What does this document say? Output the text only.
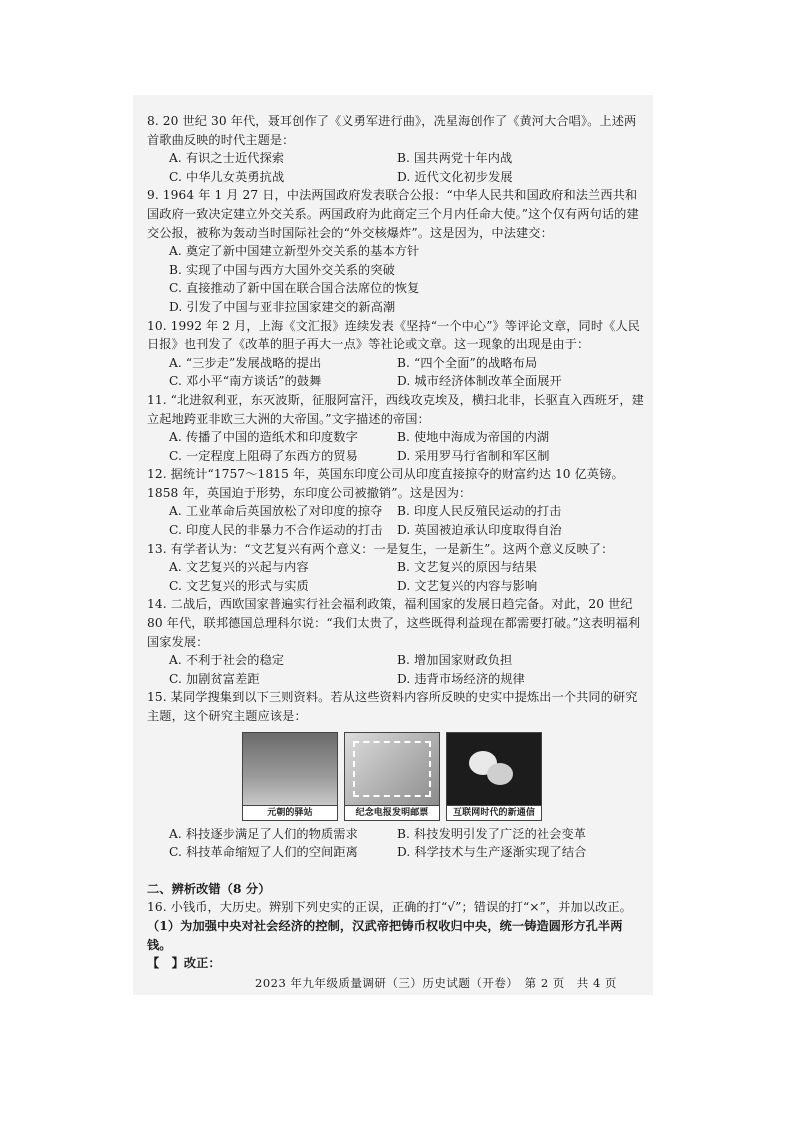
8. 20 世纪 30 年代，聂耳创作了《义勇军进行曲》，冼星海创作了《黄河大合唱》。上述两首歌曲反映的时代主题是：

A. 有识之士近代探索	B. 国共两党十年内战
C. 中华儿女英勇抗战	D. 近代文化初步发展

9. 1964 年 1 月 27 日，中法两国政府发表联合公报：“中华人民共和国政府和法兰西共和国政府一致决定建立外交关系。两国政府为此商定三个月内任命大使。”这个仅有两句话的建交公报，被称为轰动当时国际社会的“外交核爆炸”。这是因为，中法建交：

A. 奠定了新中国建立新型外交关系的基本方针
B. 实现了中国与西方大国外交关系的突破
C. 直接推动了新中国在联合国合法席位的恢复
D. 引发了中国与亚非拉国家建交的新高潮

10. 1992 年 2 月，上海《文汇报》连续发表《坚持“一个中心”》等评论文章，同时《人民日报》也刊发了《改革的胆子再大一点》等社论或文章。这一现象的出现是由于：

A. “三步走”发展战略的提出	B. “四个全面”的战略布局
C. 邓小平“南方谈话”的鼓舞	D. 城市经济体制改革全面展开

11. “北进叙利亚，东灭波斯，征服阿富汗，西线攻克埃及，横扫北非，长驱直入西班牙，建立起地跨亚非欧三大洲的大帝国。”文字描述的帝国：

A. 传播了中国的造纸术和印度数字	B. 使地中海成为帝国的内湖
C. 一定程度上阻碍了东西方的贸易	D. 采用罗马行省制和军区制

12. 据统计“1757～1815 年，英国东印度公司从印度直接掠夺的财富约达 10 亿英镑。1858 年，英国迫于形势，东印度公司被撤销”。这是因为：

A. 工业革命后英国放松了对印度的掠夺	B. 印度人民反殖民运动的打击
C. 印度人民的非暴力不合作运动的打击	D. 英国被迫承认印度取得自治

13. 有学者认为：“文艺复兴有两个意义：一是复生，一是新生”。这两个意义反映了：

A. 文艺复兴的兴起与内容	B. 文艺复兴的原因与结果
C. 文艺复兴的形式与实质	D. 文艺复兴的内容与影响

14. 二战后，西欧国家普遍实行社会福利政策，福利国家的发展日趋完备。对此，20 世纪 80 年代，联邦德国总理科尔说：“我们太贵了，这些既得利益现在都需要打破。”这表明福利国家发展：

A. 不利于社会的稳定	B. 增加国家财政负担
C. 加剧贫富差距	D. 违背市场经济的规律

15. 某同学搜集到以下三则资料。若从这些资料内容所反映的史实中提炼出一个共同的研究主题，这个研究主题应该是：

元朝的驿站	纪念电报发明邮票	互联网时代的新通信
A. 科技逐步满足了人们的物质需求	B. 科技发明引发了广泛的社会变革
C. 科技革命缩短了人们的空间距离	D. 科学技术与生产逐渐实现了结合
二、辨析改错（8 分）

16. 小钱币，大历史。辨别下列史实的正误，正确的打“√”；错误的打“×”，并加以改正。

（1）为加强中央对社会经济的控制，汉武帝把铸币权收归中央，统一铸造圆形方孔半两钱。

【　】改正：

2023 年九年级质量调研（三）历史试题（开卷）　第 2 页　共 4 页
